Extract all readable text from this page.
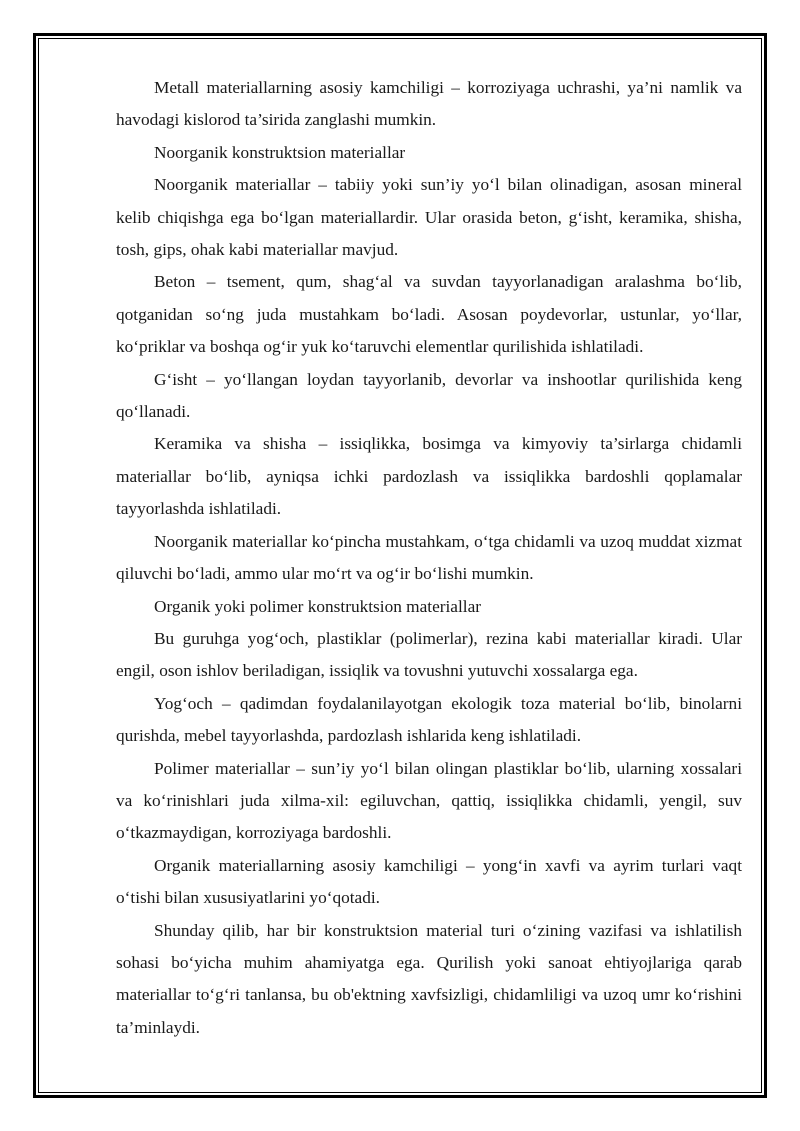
Metall materiallarning asosiy kamchiligi – korroziyaga uchrashi, ya’ni namlik va havodagi kislorod ta’sirida zanglashi mumkin.

Noorganik konstruktsion materiallar

Noorganik materiallar – tabiiy yoki sun’iy yo‘l bilan olinadigan, asosan mineral kelib chiqishga ega bo‘lgan materiallardir. Ular orasida beton, g‘isht, keramika, shisha, tosh, gips, ohak kabi materiallar mavjud.

Beton – tsement, qum, shag‘al va suvdan tayyorlanadigan aralashma bo‘lib, qotganidan so‘ng juda mustahkam bo‘ladi. Asosan poydevorlar, ustunlar, yo‘llar, ko‘priklar va boshqa og‘ir yuk ko‘taruvchi elementlar qurilishida ishlatiladi.

G‘isht – yo‘llangan loydan tayyorlanib, devorlar va inshootlar qurilishida keng qo‘llanadi.

Keramika va shisha – issiqlikka, bosimga va kimyoviy ta’sirlarga chidamli materiallar bo‘lib, ayniqsa ichki pardozlash va issiqlikka bardoshli qoplamalar tayyorlashda ishlatiladi.

Noorganik materiallar ko‘pincha mustahkam, o‘tga chidamli va uzoq muddat xizmat qiluvchi bo‘ladi, ammo ular mo‘rt va og‘ir bo‘lishi mumkin.

Organik yoki polimer konstruktsion materiallar

Bu guruhga yog‘och, plastiklar (polimerlar), rezina kabi materiallar kiradi. Ular engil, oson ishlov beriladigan, issiqlik va tovushni yutuvchi xossalarga ega.

Yog‘och – qadimdan foydalanilayotgan ekologik toza material bo‘lib, binolarni qurishda, mebel tayyorlashda, pardozlash ishlarida keng ishlatiladi.

Polimer materiallar – sun’iy yo‘l bilan olingan plastiklar bo‘lib, ularning xossalari va ko‘rinishlari juda xilma-xil: egiluvchan, qattiq, issiqlikka chidamli, yengil, suv o‘tkazmaydigan, korroziyaga bardoshli.

Organik materiallarning asosiy kamchiligi – yong‘in xavfi va ayrim turlari vaqt o‘tishi bilan xususiyatlarini yo‘qotadi.

Shunday qilib, har bir konstruktsion material turi o‘zining vazifasi va ishlatilish sohasi bo‘yicha muhim ahamiyatga ega. Qurilish yoki sanoat ehtiyojlariga qarab materiallar to‘g‘ri tanlansa, bu ob'ektning xavfsizligi, chidamliligi va uzoq umr ko‘rishini ta’minlaydi.
